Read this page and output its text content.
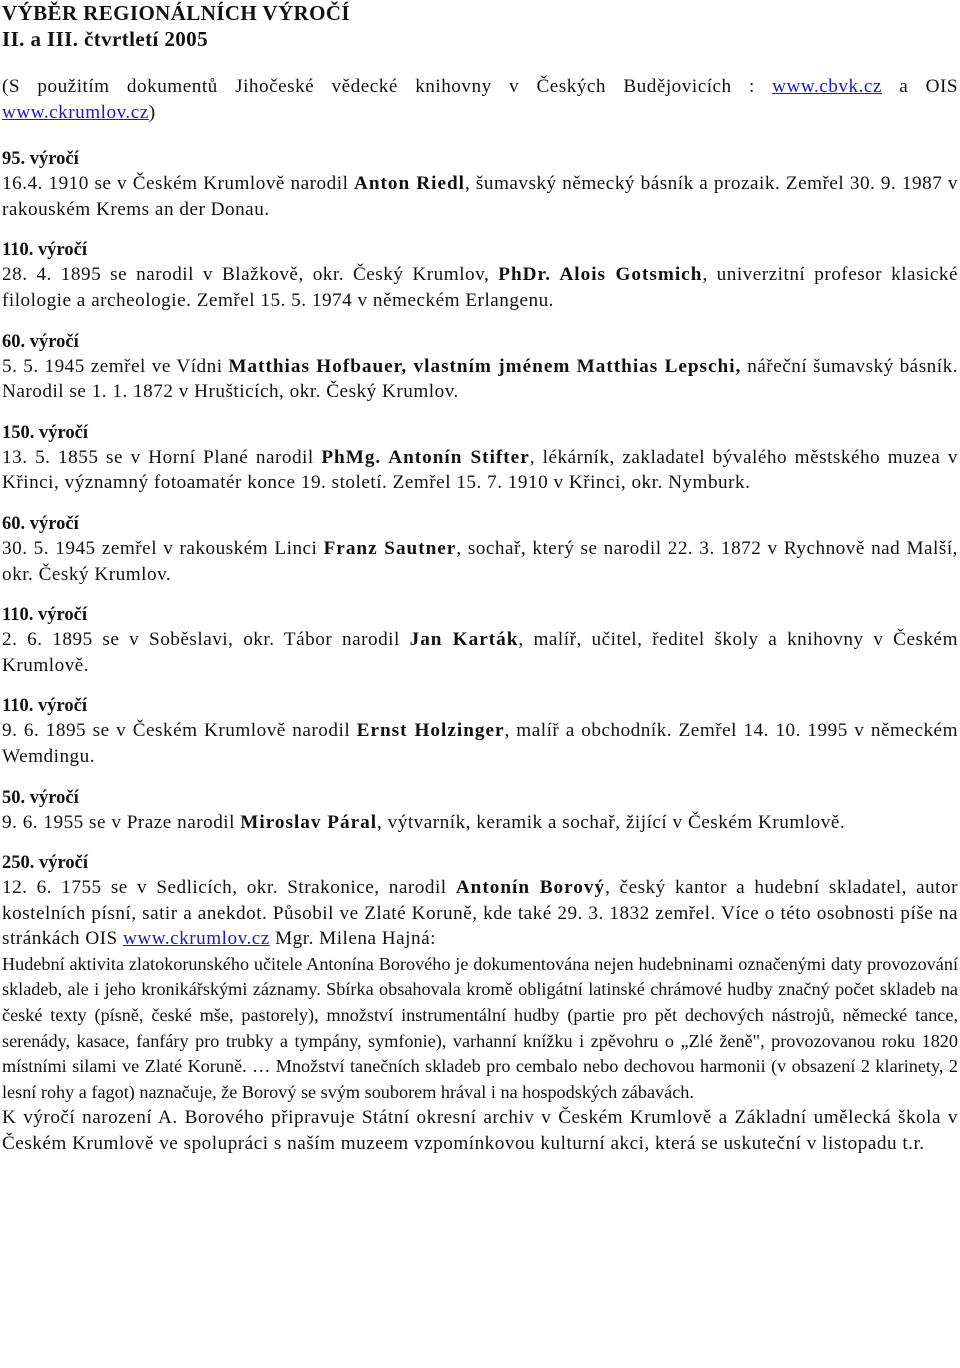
VÝBĚR REGIONÁLNÍCH VÝROČÍ
II. a III. čtvrtletí 2005

(S použitím dokumentů Jihočeské vědecké knihovny v Českých Budějovicích : www.cbvk.cz a OIS www.ckrumlov.cz)

95. výročí

16.4. 1910 se v Českém Krumlově narodil Anton Riedl, šumavský německý básník a prozaik. Zemřel 30. 9. 1987 v rakouském Krems an der Donau.

110. výročí

28. 4. 1895 se narodil v Blažkově, okr. Český Krumlov, PhDr. Alois Gotsmich, univerzitní profesor klasické filologie a archeologie. Zemřel 15. 5. 1974 v německém Erlangenu.

60. výročí

5. 5. 1945 zemřel ve Vídni Matthias Hofbauer, vlastním jménem Matthias Lepschi, nářeční šumavský básník. Narodil se 1. 1. 1872 v Hrušticích, okr. Český Krumlov.

150. výročí

13. 5. 1855 se v Horní Plané narodil PhMg. Antonín Stifter, lékárník, zakladatel bývalého městského muzea v Křinci, významný fotoamatér konce 19. století. Zemřel 15. 7. 1910 v Křinci, okr. Nymburk.

60. výročí

30. 5. 1945 zemřel v rakouském Linci Franz Sautner, sochař, který se narodil 22. 3. 1872 v Rychnově nad Malší, okr. Český Krumlov.

110. výročí

2. 6. 1895 se v Soběslavi, okr. Tábor narodil Jan Karták, malíř, učitel, ředitel školy a knihovny v Českém Krumlově.

110. výročí

9. 6. 1895 se v Českém Krumlově narodil Ernst Holzinger, malíř a obchodník. Zemřel 14. 10. 1995 v německém Wemdingu.

50. výročí

9. 6. 1955 se v Praze narodil Miroslav Páral, výtvarník, keramik a sochař, žijící v Českém Krumlově.

250. výročí

12. 6. 1755 se v Sedlicích, okr. Strakonice, narodil Antonín Borový, český kantor a hudební skladatel, autor kostelních písní, satir a anekdot. Působil ve Zlaté Koruně, kde také 29. 3. 1832 zemřel. Více o této osobnosti píše na stránkách OIS www.ckrumlov.cz Mgr. Milena Hajná:

Hudební aktivita zlatokorunského učitele Antonína Borového je dokumentována nejen hudebninami označenými daty provozování skladeb, ale i jeho kronikářskými záznamy. Sbírka obsahovala kromě obligátní latinské chrámové hudby značný počet skladeb na české texty (písně, české mše, pastorely), množství instrumentální hudby (partie pro pět dechových nástrojů, německé tance, serenády, kasace, fanfáry pro trubky a tympány, symfonie), varhanní knížku i zpěvohru o „Zlé ženě", provozovanou roku 1820 místními silami ve Zlaté Koruně. … Množství tanečních skladeb pro cembalo nebo dechovou harmonii (v obsazení 2 klarinety, 2 lesní rohy a fagot) naznačuje, že Borový se svým souborem hrával i na hospodských zábavách.

K výročí narození A. Borového připravuje Státní okresní archiv v Českém Krumlově a Základní umělecká škola v Českém Krumlově ve spolupráci s naším muzeem vzpomínkovou kulturní akci, která se uskuteční v listopadu t.r.
